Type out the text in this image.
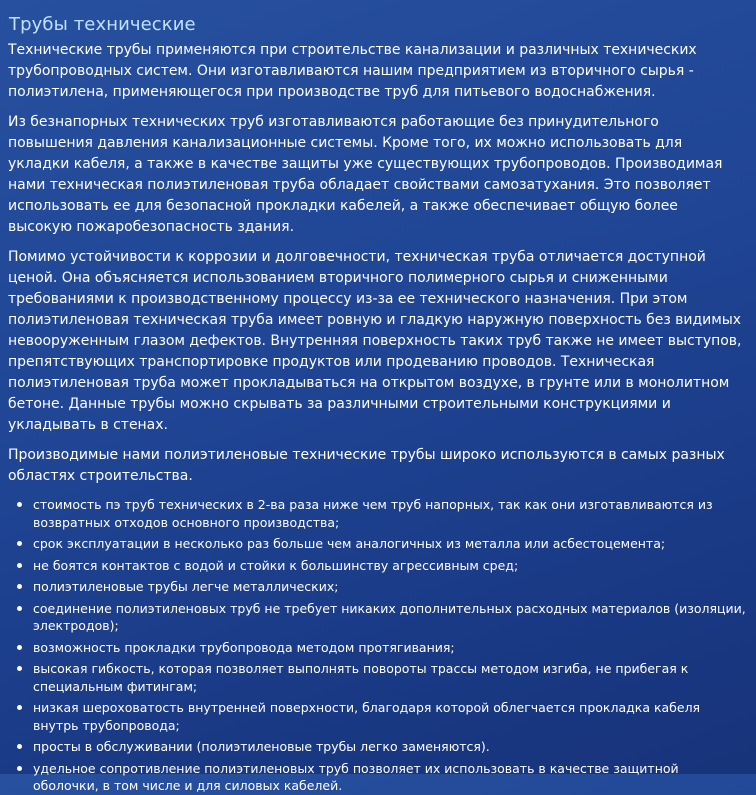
Трубы технические

Технические трубы применяются при строительстве канализации и различных технических трубопроводных систем. Они изготавливаются нашим предприятием из вторичного сырья - полиэтилена, применяющегося при производстве труб для питьевого водоснабжения.

Из безнапорных технических труб изготавливаются работающие без принудительного повышения давления канализационные системы. Кроме того, их можно использовать для укладки кабеля, а также в качестве защиты уже существующих трубопроводов. Производимая нами техническая полиэтиленовая труба обладает свойствами самозатухания. Это позволяет использовать ее для безопасной прокладки кабелей, а также обеспечивает общую более высокую пожаробезопасность здания.

Помимо устойчивости к коррозии и долговечности, техническая труба отличается доступной ценой. Она объясняется использованием вторичного полимерного сырья и сниженными требованиями к производственному процессу из-за ее технического назначения. При этом полиэтиленовая техническая труба имеет ровную и гладкую наружную поверхность без видимых невооруженным глазом дефектов. Внутренняя поверхность таких труб также не имеет выступов, препятствующих транспортировке продуктов или продеванию проводов. Техническая полиэтиленовая труба может прокладываться на открытом воздухе, в грунте или в монолитном бетоне. Данные трубы можно скрывать за различными строительными конструкциями и укладывать в стенах.

Производимые нами полиэтиленовые технические трубы широко используются в самых разных областях строительства.

стоимость пэ труб технических в 2-ва раза ниже чем труб напорных, так как они изготавливаются из возвратных отходов основного производства;
срок эксплуатации в несколько раз больше чем аналогичных из металла или асбестоцемента;
не боятся контактов с водой и стойки к большинству агрессивным сред;
полиэтиленовые трубы легче металлических;
соединение полиэтиленовых труб не требует никаких дополнительных расходных материалов (изоляции, электродов);
возможность прокладки трубопровода методом протягивания;
высокая гибкость, которая позволяет выполнять повороты трассы методом изгиба, не прибегая к специальным фитингам;
низкая шероховатость внутренней поверхности, благодаря которой облегчается прокладка кабеля внутрь трубопровода;
просты в обслуживании (полиэтиленовые трубы легко заменяются).
удельное сопротивление полиэтиленовых труб позволяет их использовать в качестве защитной оболочки, в том числе и для силовых кабелей.
